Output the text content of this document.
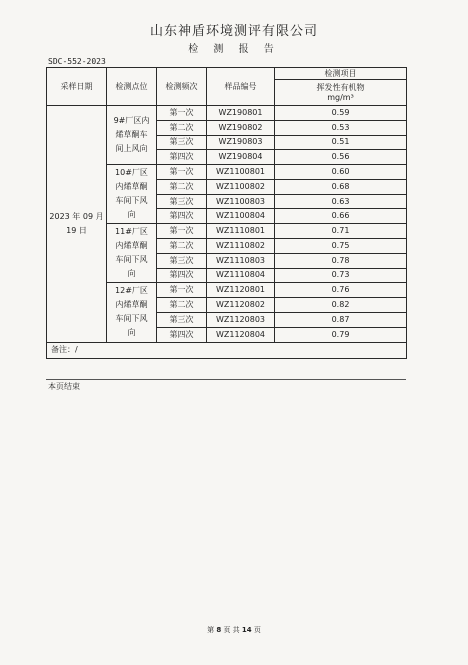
山东神盾环境测评有限公司
检 测 报 告
SDC-552-2023
采样日期	检测点位	检测频次	样品编号	检测项目

				挥发性有机物
mg/m³

2023 年 09 月 19 日	9#厂区内烯草酮车间上风向	第一次	WZ190801	0.59
		第二次	WZ190802	0.53
		第三次	WZ190803	0.51
		第四次	WZ190804	0.56
	10#厂区内烯草酮车间下风向	第一次	WZ1100801	0.60
		第二次	WZ1100802	0.68
		第三次	WZ1100803	0.63
		第四次	WZ1100804	0.66
	11#厂区内烯草酮车间下风向	第一次	WZ1110801	0.71
		第二次	WZ1110802	0.75
		第三次	WZ1110803	0.78
		第四次	WZ1110804	0.73
	12#厂区内烯草酮车间下风向	第一次	WZ1120801	0.76
		第二次	WZ1120802	0.82
		第三次	WZ1120803	0.87
		第四次	WZ1120804	0.79
备注：/				
本页结束
第 8 页 共 14 页
